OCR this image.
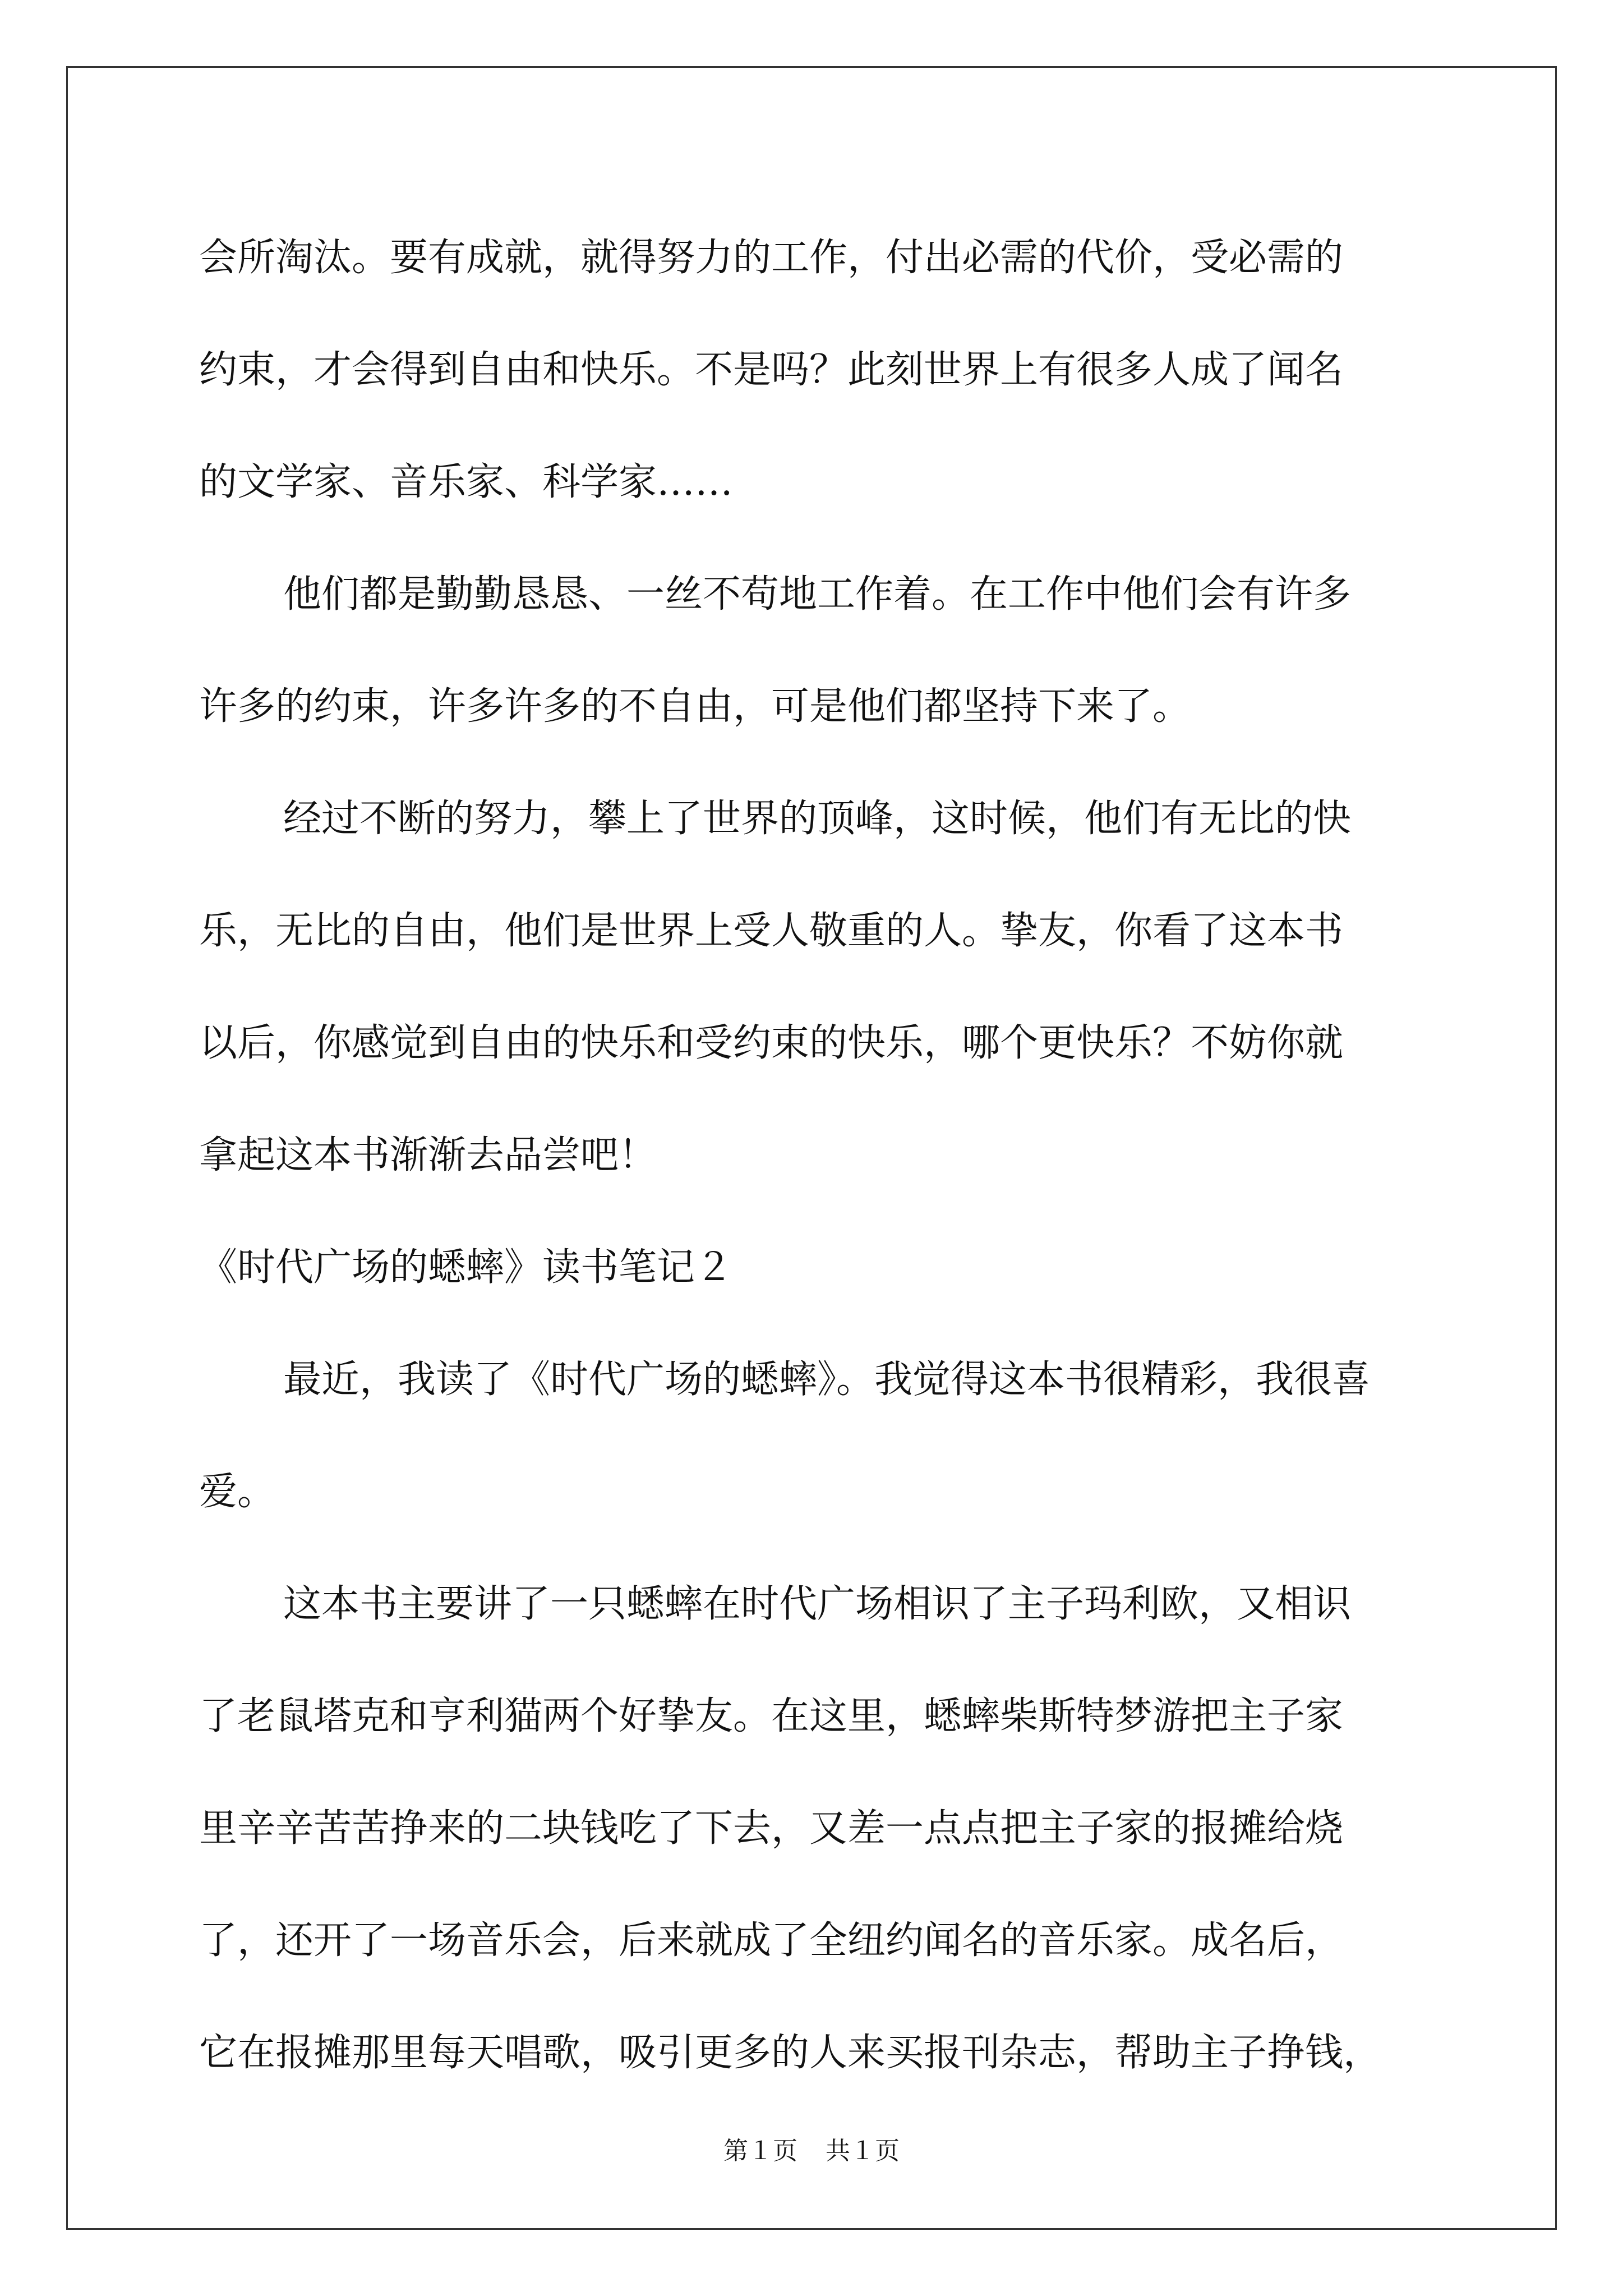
会所淘汰。要有成就，就得努力的工作，付出必需的代价，受必需的
约束，才会得到自由和快乐。不是吗？此刻世界上有很多人成了闻名
的文学家、音乐家、科学家……
他们都是勤勤恳恳、一丝不苟地工作着。在工作中他们会有许多
许多的约束，许多许多的不自由，可是他们都坚持下来了。
经过不断的努力，攀上了世界的顶峰，这时候，他们有无比的快
乐，无比的自由，他们是世界上受人敬重的人。挚友，你看了这本书
以后，你感觉到自由的快乐和受约束的快乐，哪个更快乐？不妨你就
拿起这本书渐渐去品尝吧！
《时代广场的蟋蟀》读书笔记２
最近，我读了《时代广场的蟋蟀》。我觉得这本书很精彩，我很喜
爱。
这本书主要讲了一只蟋蟀在时代广场相识了主子玛利欧，又相识
了老鼠塔克和亨利猫两个好挚友。在这里，蟋蟀柴斯特梦游把主子家
里辛辛苦苦挣来的二块钱吃了下去，又差一点点把主子家的报摊给烧
了，还开了一场音乐会，后来就成了全纽约闻名的音乐家。成名后，
它在报摊那里每天唱歌，吸引更多的人来买报刊杂志，帮助主子挣钱，
第１页 共１页
